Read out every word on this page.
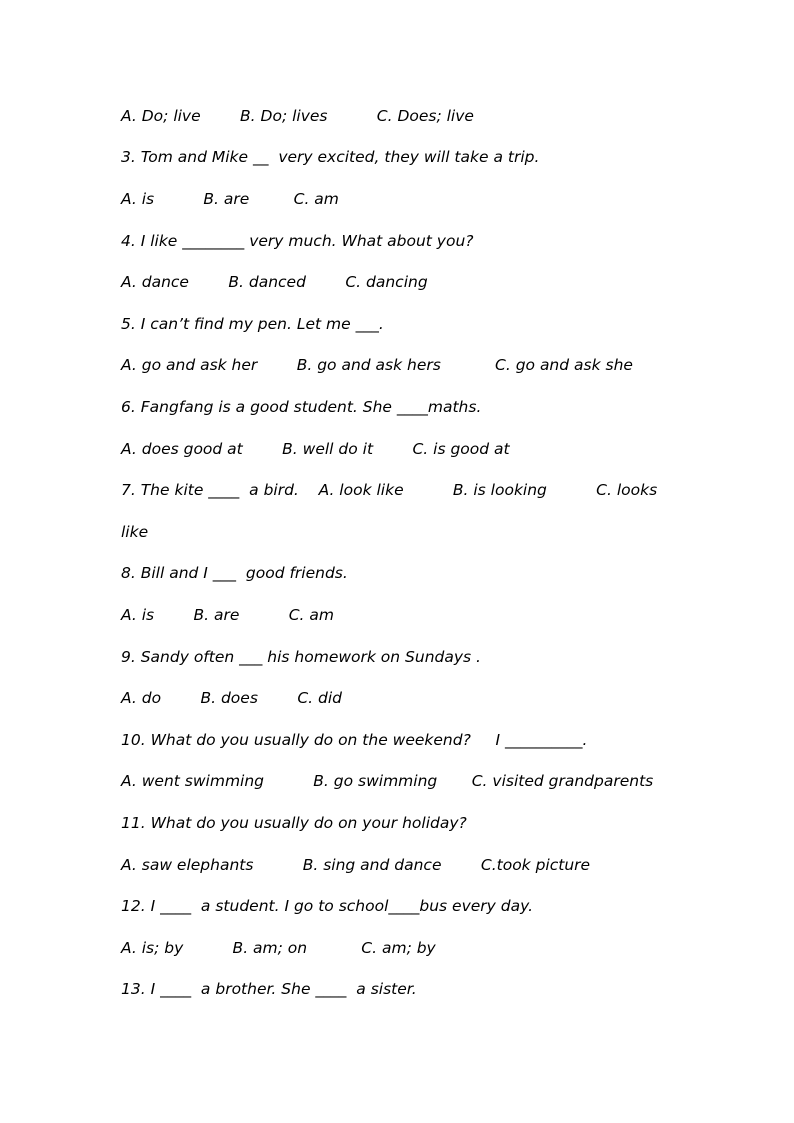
A. Do; live        B. Do; lives          C. Does; live
3. Tom and Mike __  very excited, they will take a trip.
A. is          B. are         C. am
4. I like ________ very much. What about you?
A. dance        B. danced        C. dancing
5. I can’t find my pen. Let me ___.
A. go and ask her        B. go and ask hers           C. go and ask she
6. Fangfang is a good student. She ____maths.
A. does good at        B. well do it        C. is good at
7. The kite ____  a bird.    A. look like          B. is looking          C. looks
like
8. Bill and I ___  good friends.
A. is        B. are          C. am
9. Sandy often ___ his homework on Sundays .
A. do        B. does        C. did
10. What do you usually do on the weekend?     I __________.
A. went swimming          B. go swimming       C. visited grandparents
11. What do you usually do on your holiday?
A. saw elephants          B. sing and dance        C.took picture
12. I ____  a student. I go to school____bus every day.
A. is; by          B. am; on           C. am; by
13. I ____  a brother. She ____  a sister.
